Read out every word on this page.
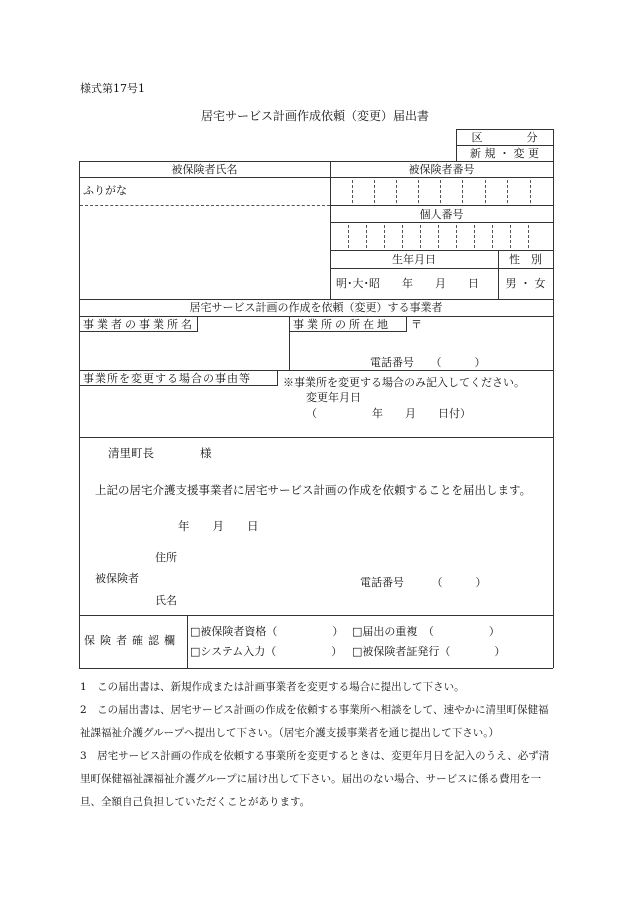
様式第17号1
居宅サービス計画作成依頼（変更）届出書
区　　　　分
新 規 ・ 変 更
被保険者氏名	被保険者番号
ふりがな
個人番号
生年月日	性　別
明･大･昭　　年　　月　　日	男 ・ 女
居宅サービス計画の作成を依頼（変更）する事業者
事業者の事業所名	事業所の所在地 〒
電話番号　　（　　　）
事業所を変更する場合の事由等	※事業所を変更する場合のみ記入してください。
変更年月日
（　　　　　年　　月　　日付）
清里町長　　　　様
上記の居宅介護支援事業者に居宅サービス計画の作成を依頼することを届出します。
年　　月　　日
住所
被保険者
氏名
電話番号　　　（　　　）
保険者確認欄
□被保険者資格（　　　　　） □届出の重複　（　　　　　）
□システム入力（　　　　　） □被保険者証発行（　　　　）
1　この届出書は、新規作成または計画事業者を変更する場合に提出して下さい。
2　この届出書は、居宅サービス計画の作成を依頼する事業所へ相談をして、速やかに清里町保健福祉課福祉介護グループへ提出して下さい。（居宅介護支援事業者を通じ提出して下さい。）
3　居宅サービス計画の作成を依頼する事業所を変更するときは、変更年月日を記入のうえ、必ず清里町保健福祉課福祉介護グループに届け出して下さい。届出のない場合、サービスに係る費用を一旦、全額自己負担していただくことがあります。
